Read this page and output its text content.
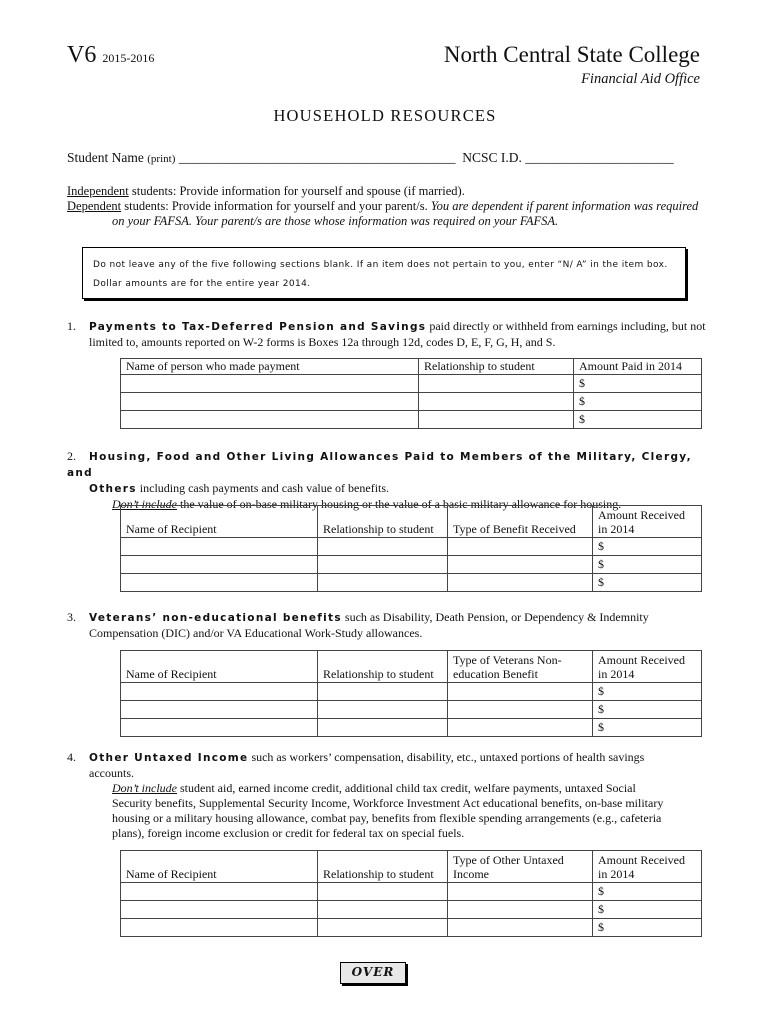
V6 2015-2016	North Central State College
Financial Aid Office
HOUSEHOLD RESOURCES
Student Name (print) _________________________________________ NCSC I.D. ______________________
Independent students: Provide information for yourself and spouse (if married).
Dependent students: Provide information for yourself and your parent/s. You are dependent if parent information was required
on your FAFSA. Your parent/s are those whose information was required on your FAFSA.
Do not leave any of the five following sections blank. If an item does not pertain to you, enter “N/ A” in the item box.
Dollar amounts are for the entire year 2014.
1. Payments to Tax-Deferred Pension and Savings paid directly or withheld from earnings including, but not
limited to, amounts reported on W-2 forms is Boxes 12a through 12d, codes D, E, F, G, H, and S.
Name of person who made payment	Relationship to student	Amount Paid in 2014
		$
		$
		$
2. Housing, Food and Other Living Allowances Paid to Members of the Military, Clergy, and
Others including cash payments and cash value of benefits.
Don’t include the value of on-base military housing or the value of a basic military allowance for housing.
Name of Recipient	Relationship to student	Type of Benefit Received	Amount Received
in 2014
			$
			$
			$
3. Veterans’ non-educational benefits such as Disability, Death Pension, or Dependency & Indemnity
Compensation (DIC) and/or VA Educational Work-Study allowances.
Name of Recipient	Relationship to student	Type of Veterans Non-
education Benefit	Amount Received
in 2014
			$
			$
			$
4. Other Untaxed Income such as workers’ compensation, disability, etc., untaxed portions of health savings
accounts.
Don’t include student aid, earned income credit, additional child tax credit, welfare payments, untaxed Social
Security benefits, Supplemental Security Income, Workforce Investment Act educational benefits, on-base military
housing or a military housing allowance, combat pay, benefits from flexible spending arrangements (e.g., cafeteria
plans), foreign income exclusion or credit for federal tax on special fuels.
Name of Recipient	Relationship to student	Type of Other Untaxed
Income	Amount Received
in 2014
			$
			$
			$
OVER
